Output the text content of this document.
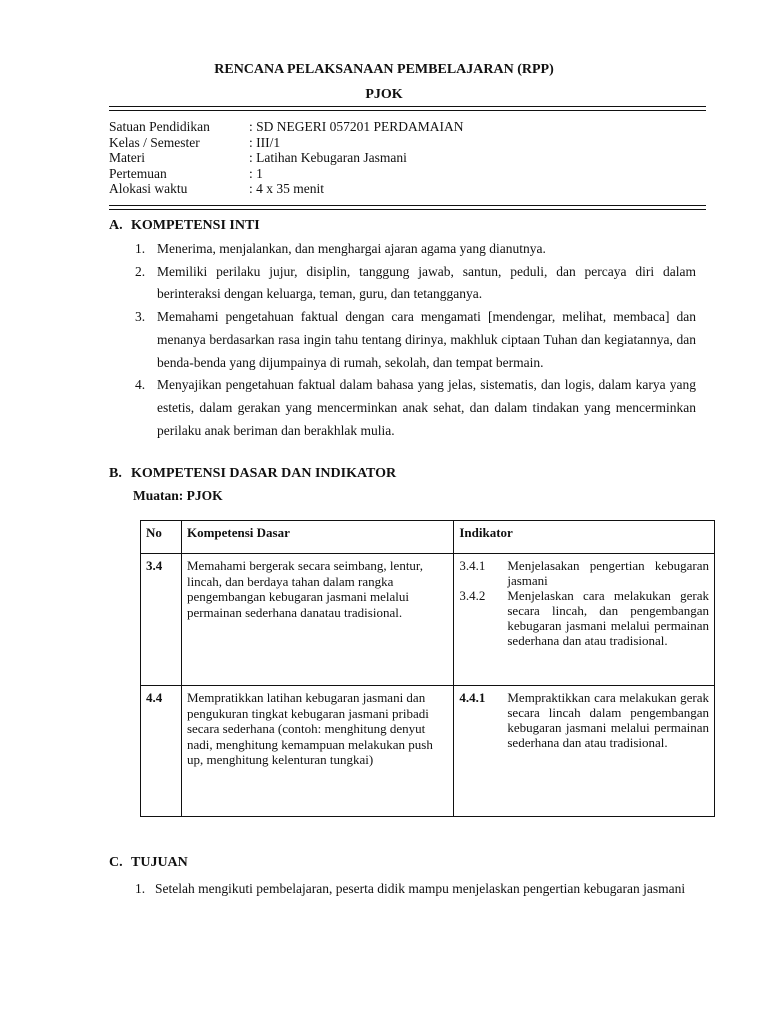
RENCANA PELAKSANAAN PEMBELAJARAN (RPP)
PJOK
Satuan Pendidikan	: SD NEGERI 057201 PERDAMAIAN
Kelas / Semester	: III/1
Materi	: Latihan Kebugaran Jasmani
Pertemuan	: 1
Alokasi waktu	: 4 x 35 menit
A. KOMPETENSI INTI
1. Menerima, menjalankan, dan menghargai ajaran agama yang dianutnya.
2. Memiliki perilaku jujur, disiplin, tanggung jawab, santun, peduli, dan percaya diri dalam berinteraksi dengan keluarga, teman, guru, dan tetangganya.
3. Memahami pengetahuan faktual dengan cara mengamati [mendengar, melihat, membaca] dan menanya berdasarkan rasa ingin tahu tentang dirinya, makhluk ciptaan Tuhan dan kegiatannya, dan benda-benda yang dijumpainya di rumah, sekolah, dan tempat bermain.
4. Menyajikan pengetahuan faktual dalam bahasa yang jelas, sistematis, dan logis, dalam karya yang estetis, dalam gerakan yang mencerminkan anak sehat, dan dalam tindakan yang mencerminkan perilaku anak beriman dan berakhlak mulia.
B. KOMPETENSI DASAR DAN INDIKATOR
Muatan: PJOK
No	Kompetensi Dasar	Indikator
3.4	Memahami bergerak secara seimbang, lentur, lincah, dan berdaya tahan dalam rangka pengembangan kebugaran jasmani melalui permainan sederhana danatau tradisional.	3.4.1 Menjelasakan pengertian kebugaran jasmani
3.4.2 Menjelaskan cara melakukan gerak secara lincah, dan pengembangan kebugaran jasmani melalui permainan sederhana dan atau tradisional.

4.4	Mempratikkan latihan kebugaran jasmani dan pengukuran tingkat kebugaran jasmani pribadi secara sederhana (contoh: menghitung denyut nadi, menghitung kemampuan melakukan push up, menghitung kelenturan tungkai)	4.4.1 Mempraktikkan cara melakukan gerak secara lincah dalam pengembangan kebugaran jasmani melalui permainan sederhana dan atau tradisional.
C. TUJUAN
1. Setelah mengikuti pembelajaran, peserta didik mampu menjelaskan pengertian kebugaran jasmani
